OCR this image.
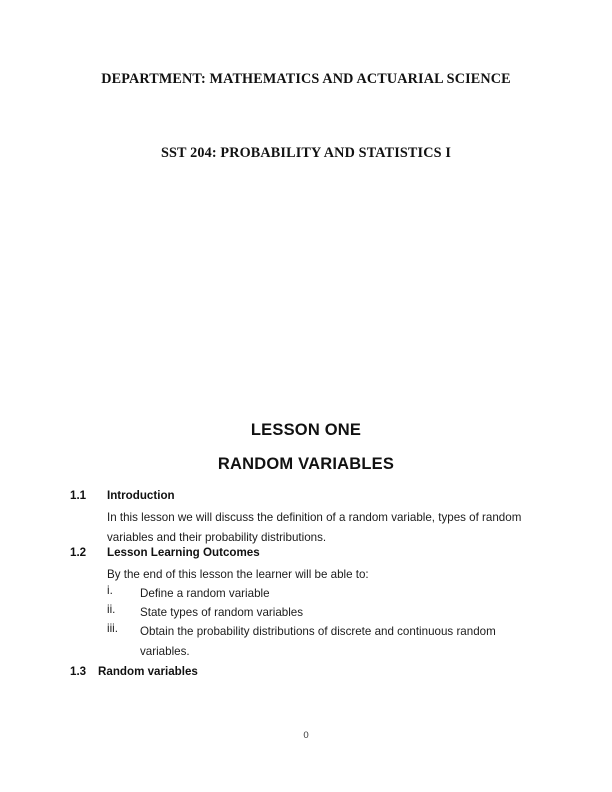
DEPARTMENT: MATHEMATICS AND ACTUARIAL SCIENCE
SST 204: PROBABILITY AND STATISTICS I
LESSON ONE
RANDOM VARIABLES
1.1 Introduction
In this lesson we will discuss the definition of a random variable, types of random variables and their probability distributions.
1.2 Lesson Learning Outcomes
By the end of this lesson the learner will be able to:
i. Define a random variable
ii. State types of random variables
iii. Obtain the probability distributions of discrete and continuous random variables.
1.3 Random variables
0
